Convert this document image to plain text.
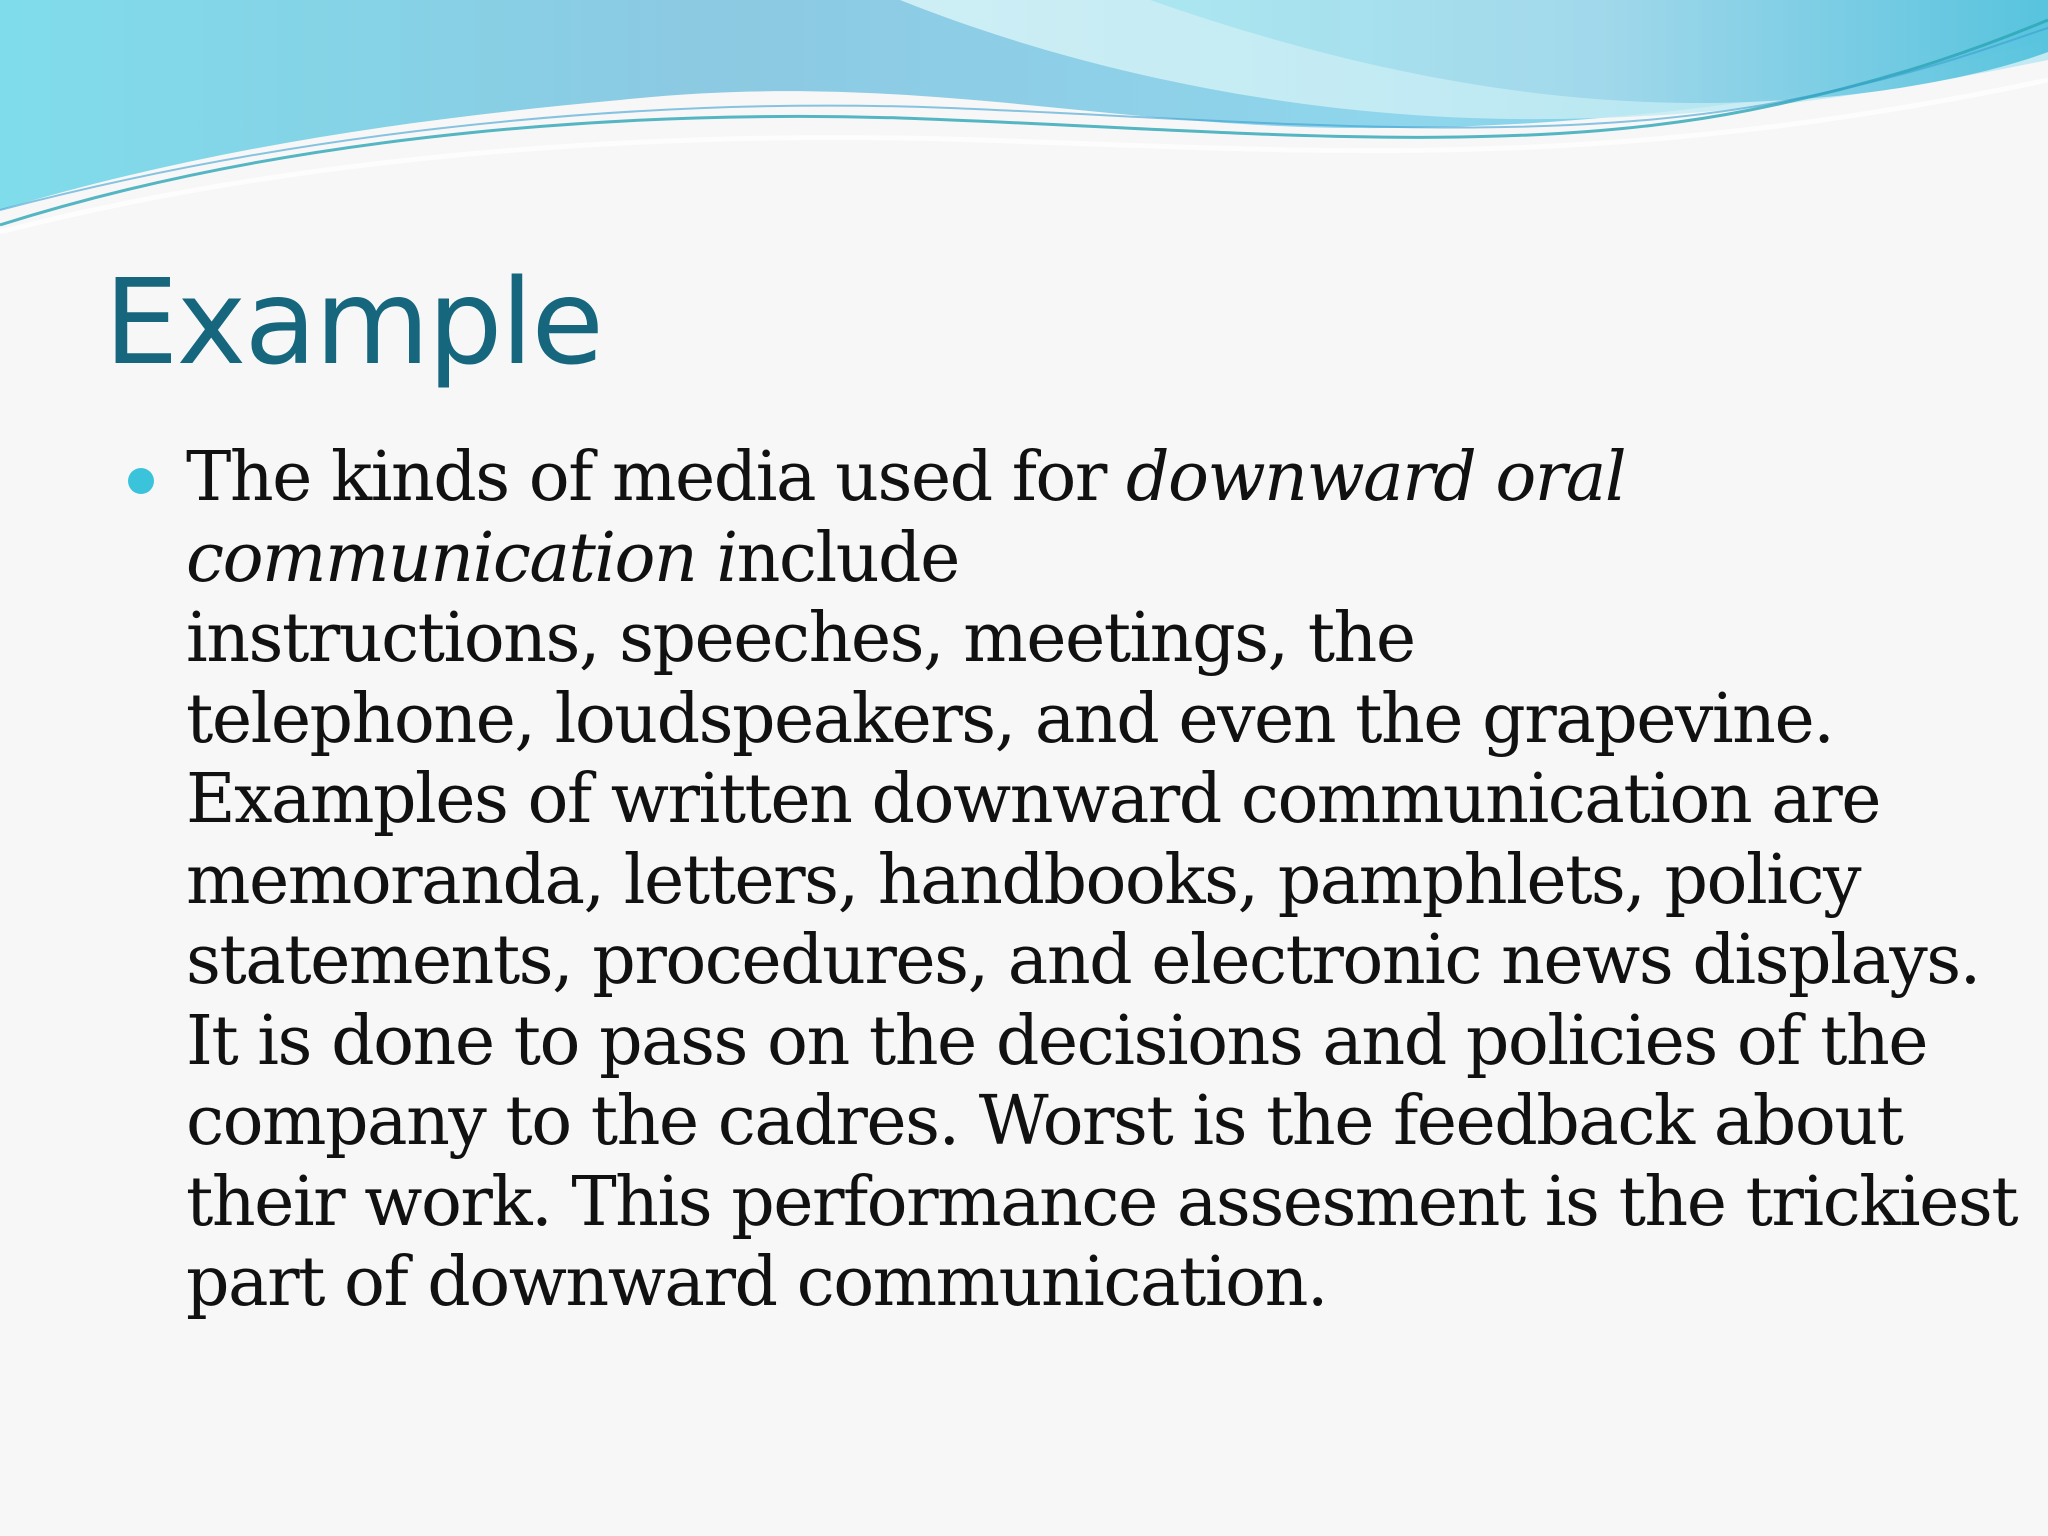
Example
The kinds of media used for downward oral
communication include
instructions, speeches, meetings, the
telephone, loudspeakers, and even the grapevine.
Examples of written downward communication are
memoranda, letters, handbooks, pamphlets, policy
statements, procedures, and electronic news displays.
It is done to pass on the decisions and policies of the
company to the cadres. Worst is the feedback about
their work. This performance assesment is the trickiest
part of downward communication.
